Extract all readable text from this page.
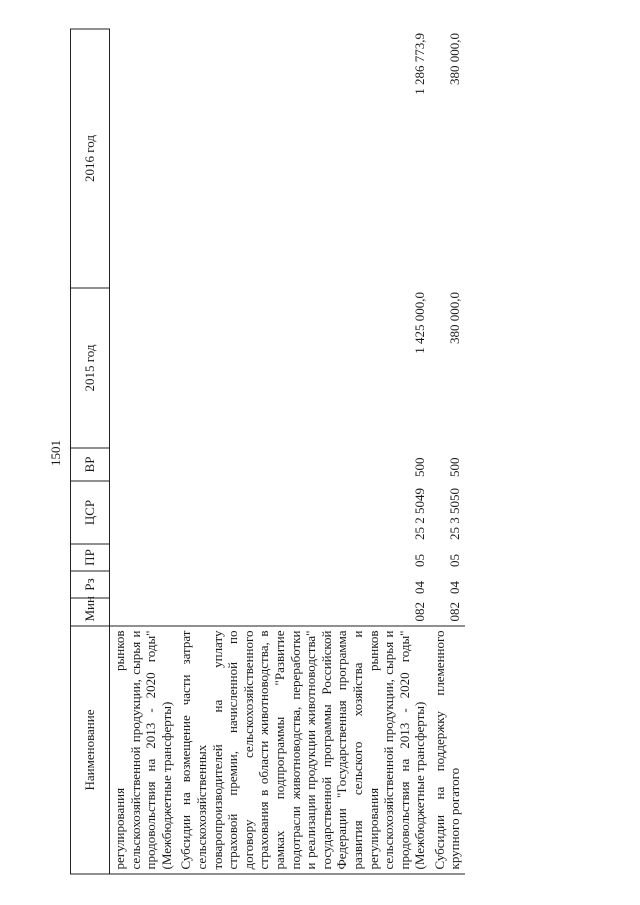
1501
Наименование	Мин	Рз	ПР	ЦСР	ВР	2015 год	2016 год
регулирования рынков сельскохозяйственной продукции, сырья и продовольствия на 2013 - 2020 годы" (Межбюджетные трансферты)							
Субсидии на возмещение части затрат сельскохозяйственных товаропроизводителей на уплату страховой премии, начисленной по договору сельскохозяйственного страхования в области животноводства, в рамках подпрограммы "Развитие подотрасли животноводства, переработки и реализации продукции животноводства" государственной программы Российской Федерации "Государственная программа развития сельского хозяйства и регулирования рынков сельскохозяйственной продукции, сырья и продовольствия на 2013 - 2020 годы" (Межбюджетные трансферты)	082	04	05	25 2 5049	500	1 425 000,0	1 286 773,9
Субсидии на поддержку племенного крупного рогатого	082	04	05	25 3 5050	500	380 000,0	380 000,0
